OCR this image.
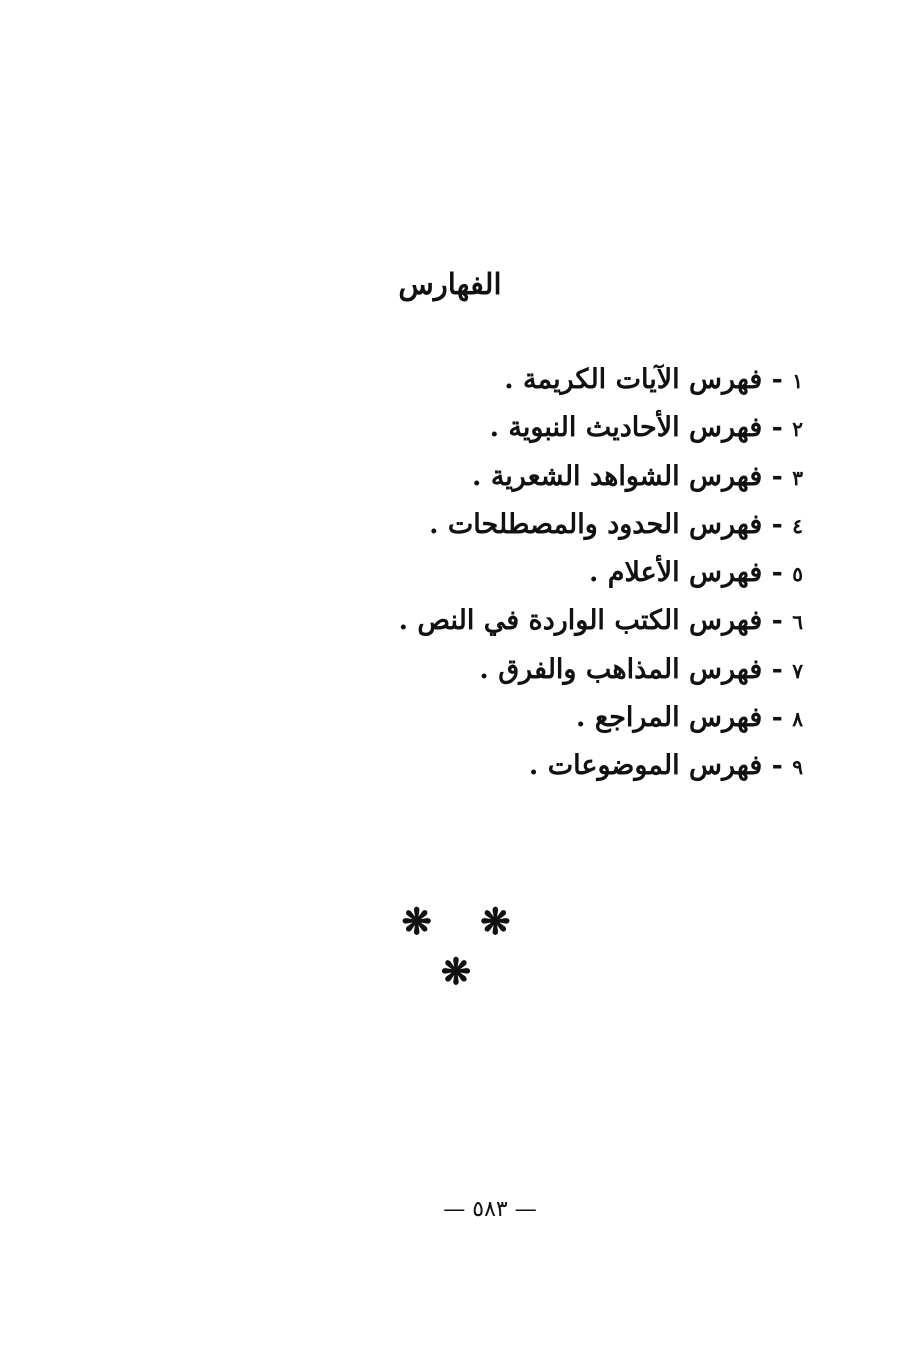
الفهارس
١ - فهرس الآيات الكريمة .
٢ - فهرس الأحاديث النبوية .
٣ - فهرس الشواهد الشعرية .
٤ - فهرس الحدود والمصطلحات .
٥ - فهرس الأعلام .
٦ - فهرس الكتب الواردة في النص .
٧ - فهرس المذاهب والفرق .
٨ - فهرس المراجع .
٩ - فهرس الموضوعات .
❋ ❋ ❋
— ٥٨٣ —
